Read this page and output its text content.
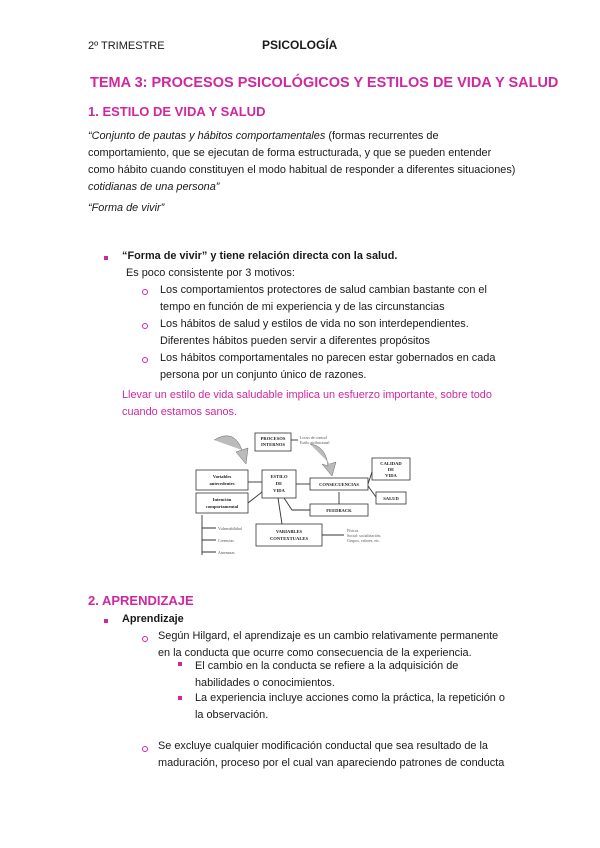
2º TRIMESTRE	PSICOLOGÍA
TEMA 3: PROCESOS PSICOLÓGICOS Y ESTILOS DE VIDA Y SALUD
1. ESTILO DE VIDA Y SALUD
“Conjunto de pautas y hábitos comportamentales (formas recurrentes de comportamiento, que se ejecutan de forma estructurada, y que se pueden entender como hábito cuando constituyen el modo habitual de responder a diferentes situaciones) cotidianas de una persona”
“Forma de vivir”
“Forma de vivir” y tiene relación directa con la salud.
Es poco consistente por 3 motivos:
Los comportamientos protectores de salud cambian bastante con el tempo en función de mi experiencia y de las circunstancias
Los hábitos de salud y estilos de vida no son interdependientes. Diferentes hábitos pueden servir a diferentes propósitos
Los hábitos comportamentales no parecen estar gobernados en cada persona por un conjunto único de razones.
Llevar un estilo de vida saludable implica un esfuerzo importante, sobre todo cuando estamos sanos.
PROCESOS
INTERNOS
ESTILO
DE
VIDA
CONSECUENCIAS
CALIDAD
DE
VIDA
SALUD
FEEDBACK
Variables
antecedentes
Intención
comportamental
VARIABLES
CONTEXTUALES
Locus de control
Estilo atribucional
Vulnerabilidad
Creencias
Amenazas
Físicos
Social: socialización,
Grupos, valores, etc.
2. APRENDIZAJE
Aprendizaje
Según Hilgard, el aprendizaje es un cambio relativamente permanente en la conducta que ocurre como consecuencia de la experiencia.
El cambio en la conducta se refiere a la adquisición de habilidades o conocimientos.
La experiencia incluye acciones como la práctica, la repetición o la observación.
Se excluye cualquier modificación conductal que sea resultado de la maduración, proceso por el cual van apareciendo patrones de conducta
